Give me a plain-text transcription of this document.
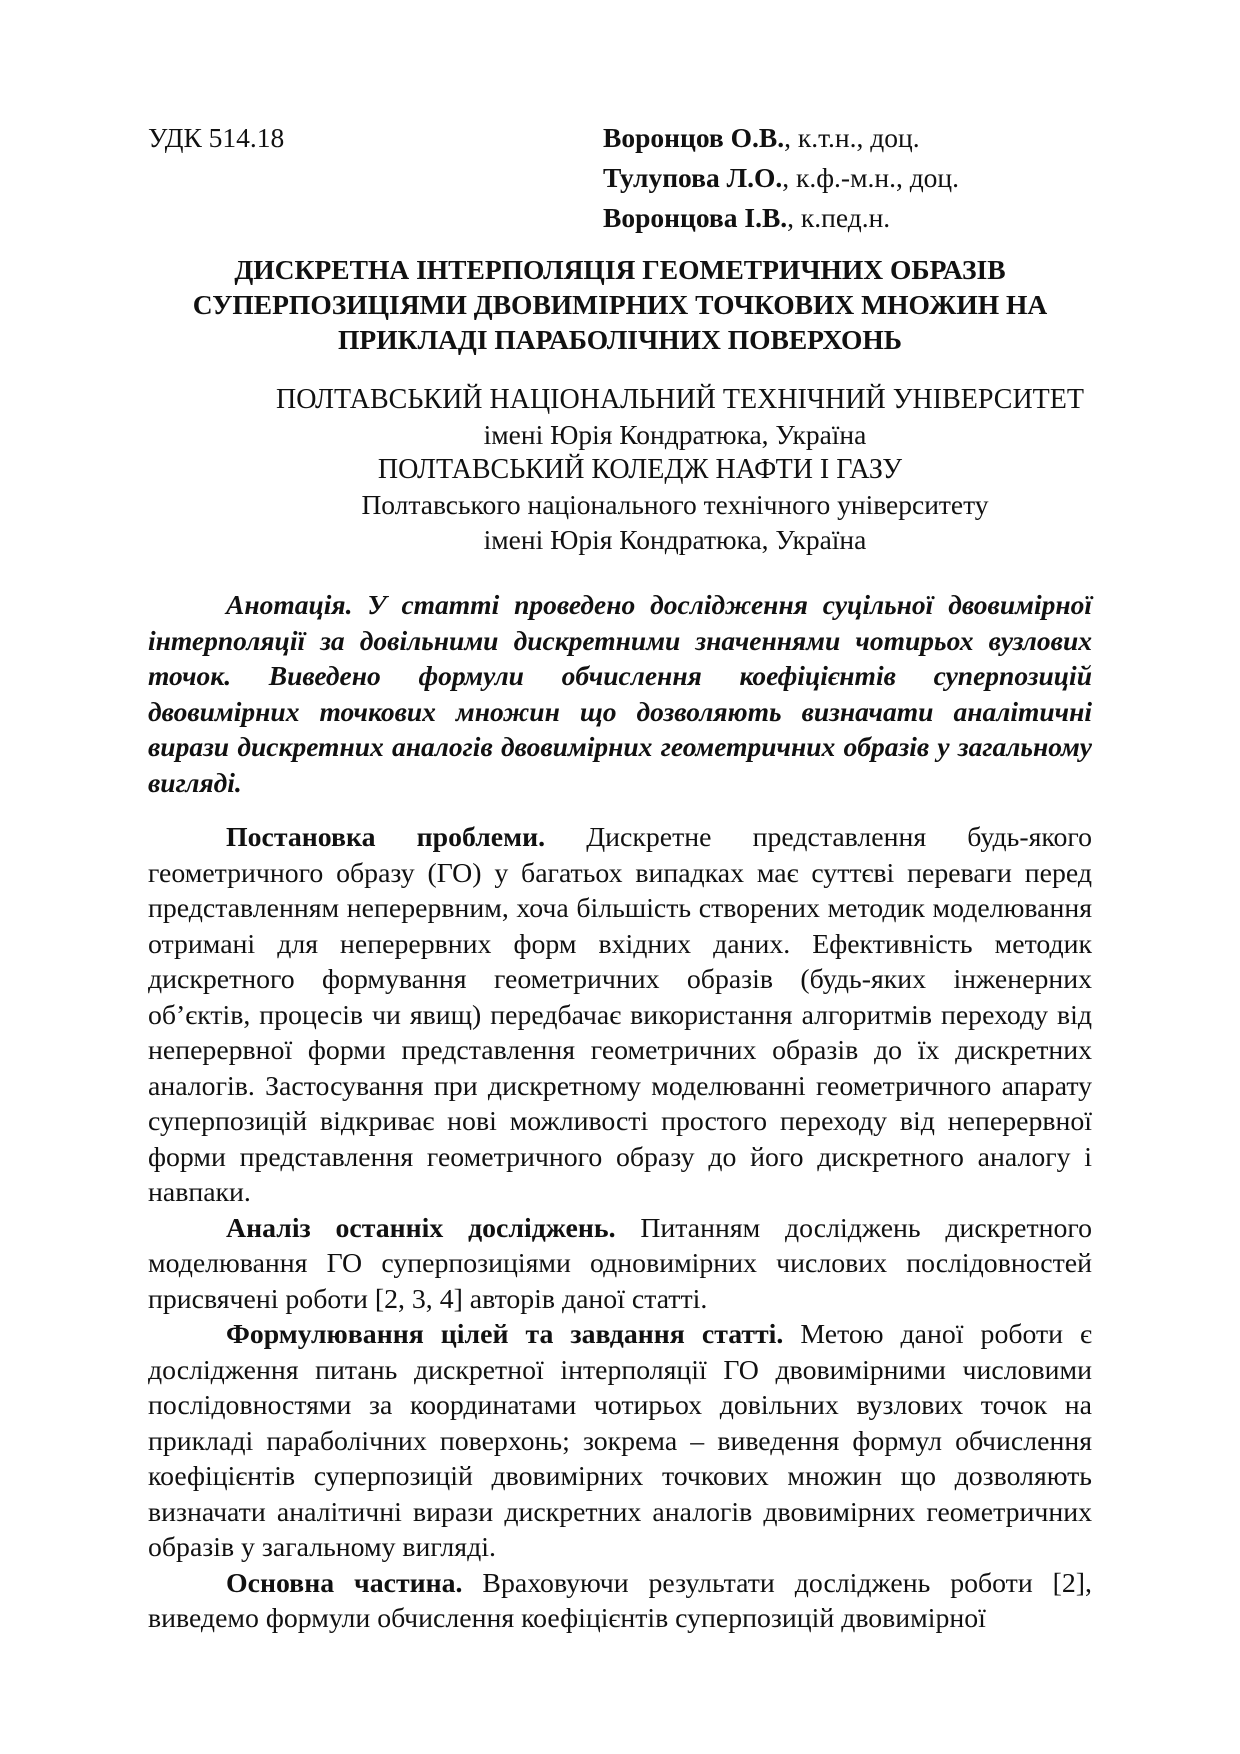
УДК 514.18	Воронцов О.В., к.т.н., доц.
Тулупова Л.О., к.ф.-м.н., доц.
Воронцова І.В., к.пед.н.
ДИСКРЕТНА ІНТЕРПОЛЯЦІЯ ГЕОМЕТРИЧНИХ ОБРАЗІВ
СУПЕРПОЗИЦІЯМИ ДВОВИМІРНИХ ТОЧКОВИХ МНОЖИН НА
ПРИКЛАДІ ПАРАБОЛІЧНИХ ПОВЕРХОНЬ
ПОЛТАВСЬКИЙ НАЦІОНАЛЬНИЙ ТЕХНІЧНИЙ УНІВЕРСИТЕТ
імені Юрія Кондратюка, Україна
ПОЛТАВСЬКИЙ КОЛЕДЖ НАФТИ І ГАЗУ
Полтавського національного технічного університету
імені Юрія Кондратюка, Україна
Анотація. У статті проведено дослідження суцільної двовимірної інтерполяції за довільними дискретними значеннями чотирьох вузлових точок. Виведено формули обчислення коефіцієнтів суперпозицій двовимірних точкових множин що дозволяють визначати аналітичні вирази дискретних аналогів двовимірних геометричних образів у загальному вигляді.

Постановка проблеми. Дискретне представлення будь-якого геометричного образу (ГО) у багатьох випадках має суттєві переваги перед представленням неперервним, хоча більшість створених методик моделювання отримані для неперервних форм вхідних даних. Ефективність методик дискретного формування геометричних образів (будь-яких інженерних об’єктів, процесів чи явищ) передбачає використання алгоритмів переходу від неперервної форми представлення геометричних образів до їх дискретних аналогів. Застосування при дискретному моделюванні геометричного апарату суперпозицій відкриває нові можливості простого переходу від неперервної форми представлення геометричного образу до його дискретного аналогу і навпаки.

Аналіз останніх досліджень. Питанням досліджень дискретного моделювання ГО суперпозиціями одновимірних числових послідовностей присвячені роботи [2, 3, 4] авторів даної статті.

Формулювання цілей та завдання статті. Метою даної роботи є дослідження питань дискретної інтерполяції ГО двовимірними числовими послідовностями за координатами чотирьох довільних вузлових точок на прикладі параболічних поверхонь; зокрема – виведення формул обчислення коефіцієнтів суперпозицій двовимірних точкових множин що дозволяють визначати аналітичні вирази дискретних аналогів двовимірних геометричних образів у загальному вигляді.

Основна частина. Враховуючи результати досліджень роботи [2], виведемо формули обчислення коефіцієнтів суперпозицій двовимірної
